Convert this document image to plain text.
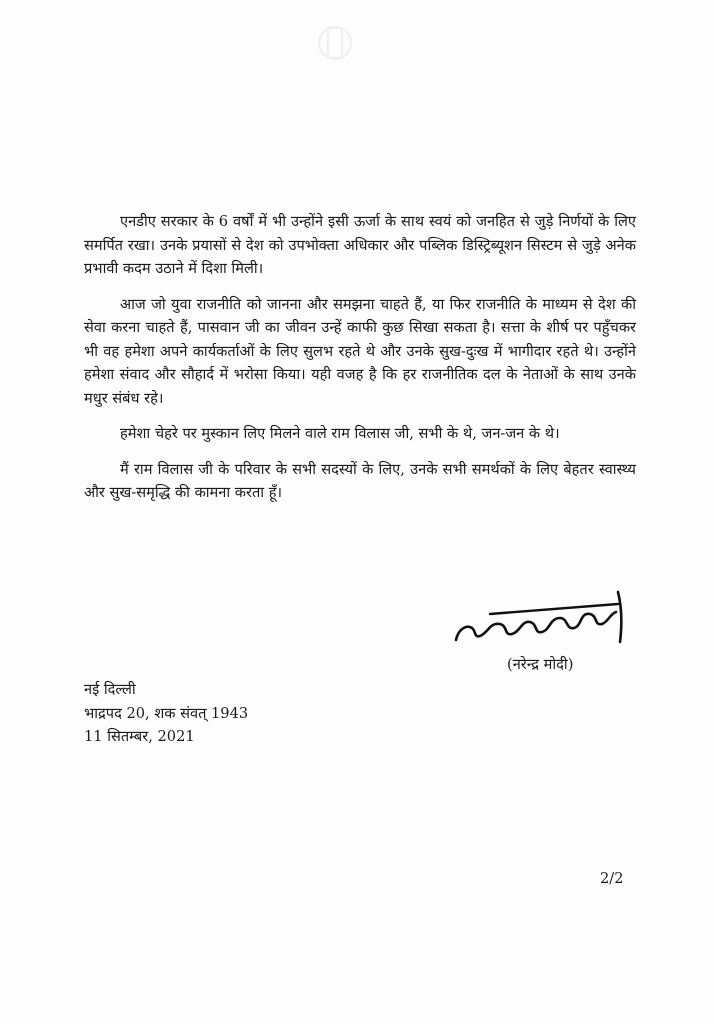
एनडीए सरकार के 6 वर्षों में भी उन्होंने इसी ऊर्जा के साथ स्वयं को जनहित से जुड़े निर्णयों के लिए समर्पित रखा। उनके प्रयासों से देश को उपभोक्ता अधिकार और पब्लिक डिस्ट्रिब्यूशन सिस्टम से जुड़े अनेक प्रभावी कदम उठाने में दिशा मिली।

आज जो युवा राजनीति को जानना और समझना चाहते हैं, या फिर राजनीति के माध्यम से देश की सेवा करना चाहते हैं, पासवान जी का जीवन उन्हें काफी कुछ सिखा सकता है। सत्ता के शीर्ष पर पहुँचकर भी वह हमेशा अपने कार्यकर्ताओं के लिए सुलभ रहते थे और उनके सुख-दुःख में भागीदार रहते थे। उन्होंने हमेशा संवाद और सौहार्द में भरोसा किया। यही वजह है कि हर राजनीतिक दल के नेताओं के साथ उनके मधुर संबंध रहे।

हमेशा चेहरे पर मुस्कान लिए मिलने वाले राम विलास जी, सभी के थे, जन-जन के थे।

मैं राम विलास जी के परिवार के सभी सदस्यों के लिए, उनके सभी समर्थकों के लिए बेहतर स्वास्थ्य और सुख-समृद्धि की कामना करता हूँ।

(नरेन्द्र मोदी)
नई दिल्ली
भाद्रपद 20, शक संवत् 1943
11 सितम्बर, 2021
2/2
